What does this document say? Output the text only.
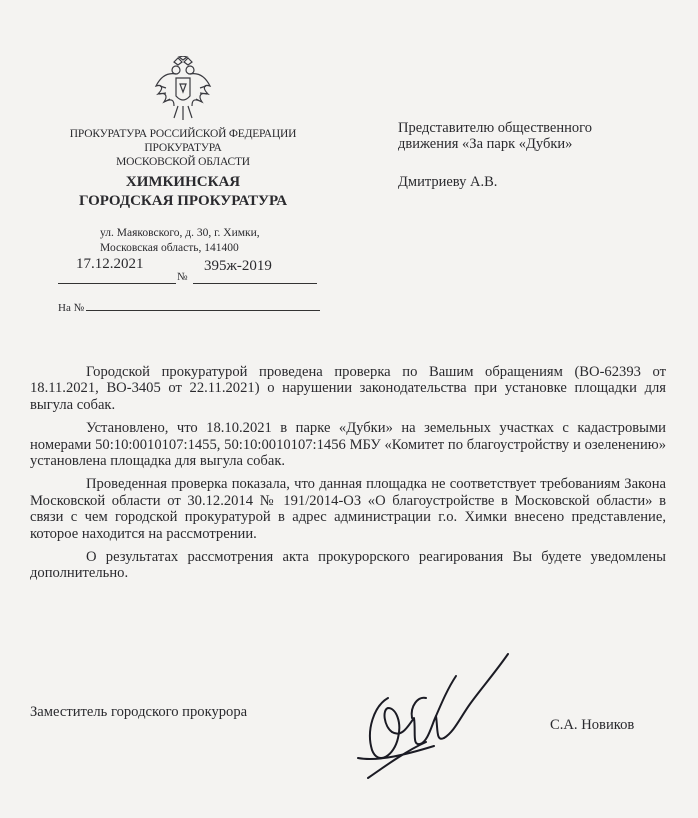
ПРОКУРАТУРА РОССИЙСКОЙ ФЕДЕРАЦИИ
ПРОКУРАТУРА
МОСКОВСКОЙ ОБЛАСТИ
ХИМКИНСКАЯ
ГОРОДСКАЯ ПРОКУРАТУРА
ул. Маяковского, д. 30, г. Химки,
Московская область, 141400
17.12.2021	395ж-2019
№
На №
Представителю общественного
движения «За парк «Дубки»
Дмитриеву А.В.

Городской прокуратурой проведена проверка по Вашим обращениям (ВО-62393 от 18.11.2021, ВО-3405 от 22.11.2021) о нарушении законодательства при установке площадки для выгула собак.

Установлено, что 18.10.2021 в парке «Дубки» на земельных участках с кадастровыми номерами 50:10:0010107:1455, 50:10:0010107:1456 МБУ «Комитет по благоустройству и озеленению» установлена площадка для выгула собак.

Проведенная проверка показала, что данная площадка не соответствует требованиям Закона Московской области от 30.12.2014 № 191/2014-ОЗ «О благоустройстве в Московской области» в связи с чем городской прокуратурой в адрес администрации г.о. Химки внесено представление, которое находится на рассмотрении.

О результатах рассмотрения акта прокурорского реагирования Вы будете уведомлены дополнительно.

Заместитель городского прокурора
С.А. Новиков
